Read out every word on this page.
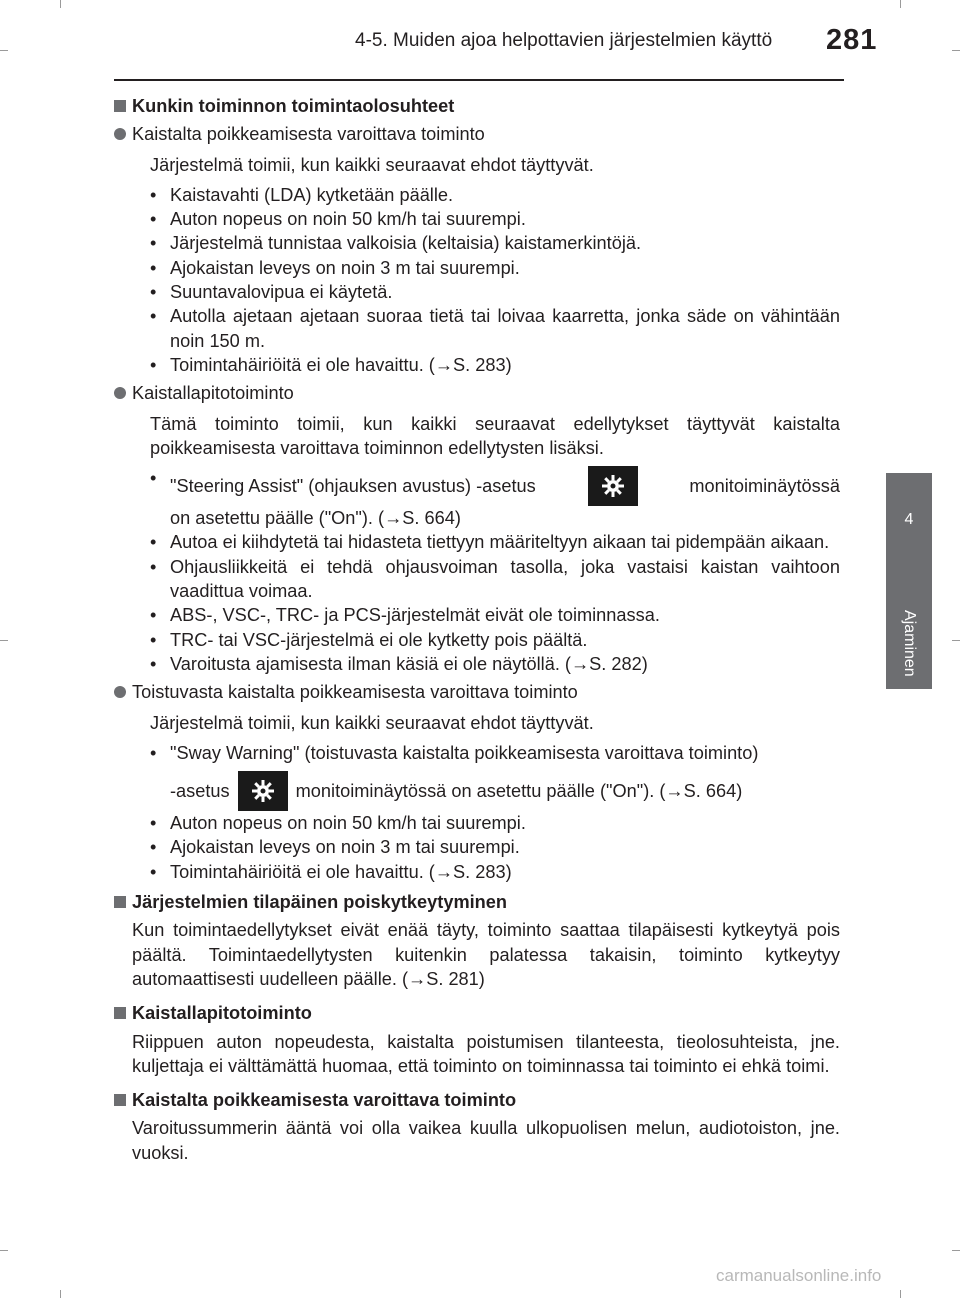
4-5. Muiden ajoa helpottavien järjestelmien käyttö 281
4
Ajaminen
Kunkin toiminnon toimintaolosuhteet
Kaistalta poikkeamisesta varoittava toiminto
Järjestelmä toimii, kun kaikki seuraavat ehdot täyttyvät.
• Kaistavahti (LDA) kytketään päälle.
• Auton nopeus on noin 50 km/h tai suurempi.
• Järjestelmä tunnistaa valkoisia (keltaisia) kaistamerkintöjä.
• Ajokaistan leveys on noin 3 m tai suurempi.
• Suuntavalovipua ei käytetä.
• Autolla ajetaan ajetaan suoraa tietä tai loivaa kaarretta, jonka säde on vähintään noin 150 m.
• Toimintahäiriöitä ei ole havaittu. (→S. 283)
Kaistallapitotoiminto
Tämä toiminto toimii, kun kaikki seuraavat edellytykset täyttyvät kaistalta poikkeamisesta varoittava toiminnon edellytysten lisäksi.
• "Steering Assist" (ohjauksen avustus) -asetus	monitoiminäytössä
on asetettu päälle ("On"). (→S. 664)
• Autoa ei kiihdytetä tai hidasteta tiettyyn määriteltyyn aikaan tai pidempään aikaan.
• Ohjausliikkeitä ei tehdä ohjausvoiman tasolla, joka vastaisi kaistan vaihtoon vaadittua voimaa.
• ABS-, VSC-, TRC- ja PCS-järjestelmät eivät ole toiminnassa.
• TRC- tai VSC-järjestelmä ei ole kytketty pois päältä.
• Varoitusta ajamisesta ilman käsiä ei ole näytöllä. (→S. 282)
Toistuvasta kaistalta poikkeamisesta varoittava toiminto
Järjestelmä toimii, kun kaikki seuraavat ehdot täyttyvät.
• "Sway Warning" (toistuvasta kaistalta poikkeamisesta varoittava toiminto)
-asetus	monitoiminäytössä on asetettu päälle ("On"). (→S. 664)
• Auton nopeus on noin 50 km/h tai suurempi.
• Ajokaistan leveys on noin 3 m tai suurempi.
• Toimintahäiriöitä ei ole havaittu. (→S. 283)
Järjestelmien tilapäinen poiskytkeytyminen
Kun toimintaedellytykset eivät enää täyty, toiminto saattaa tilapäisesti kytkeytyä pois päältä. Toimintaedellytysten kuitenkin palatessa takaisin, toiminto kytkeytyy automaattisesti uudelleen päälle. (→S. 281)
Kaistallapitotoiminto
Riippuen auton nopeudesta, kaistalta poistumisen tilanteesta, tieolosuhteista, jne. kuljettaja ei välttämättä huomaa, että toiminto on toiminnassa tai toiminto ei ehkä toimi.
Kaistalta poikkeamisesta varoittava toiminto
Varoitussummerin ääntä voi olla vaikea kuulla ulkopuolisen melun, audiotoiston, jne. vuoksi.
carmanualsonline.info
